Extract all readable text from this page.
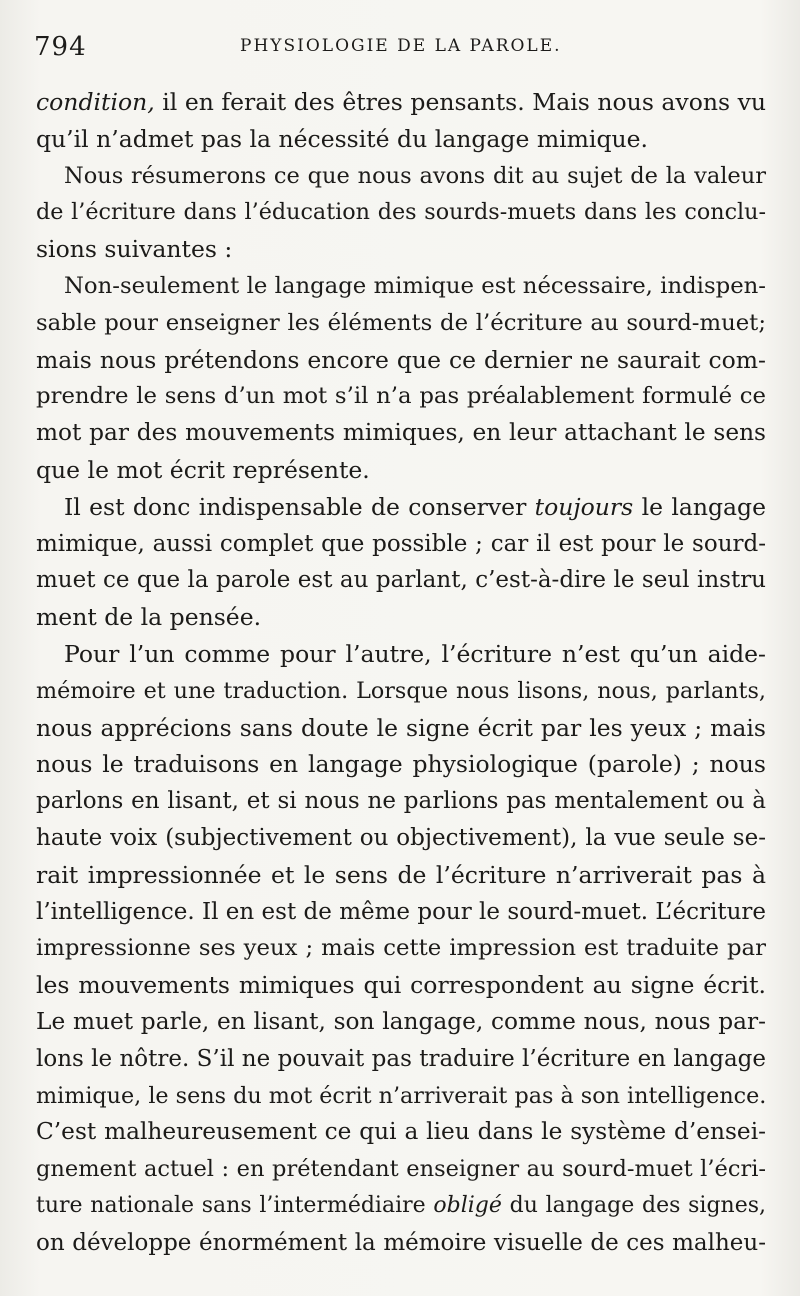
794	PHYSIOLOGIE DE LA PAROLE.
condition, il en ferait des êtres pensants. Mais nous avons vu
qu’il n’admet pas la nécessité du langage mimique.
Nous résumerons ce que nous avons dit au sujet de la valeur
de l’écriture dans l’éducation des sourds-muets dans les conclu-
sions suivantes :
Non-seulement le langage mimique est nécessaire, indispen-
sable pour enseigner les éléments de l’écriture au sourd-muet;
mais nous prétendons encore que ce dernier ne saurait com-
prendre le sens d’un mot s’il n’a pas préalablement formulé ce
mot par des mouvements mimiques, en leur attachant le sens
que le mot écrit représente.
Il est donc indispensable de conserver toujours le langage
mimique, aussi complet que possible ; car il est pour le sourd-
muet ce que la parole est au parlant, c’est-à-dire le seul instru
ment de la pensée.
Pour l’un comme pour l’autre, l’écriture n’est qu’un aide-
mémoire et une traduction. Lorsque nous lisons, nous, parlants,
nous apprécions sans doute le signe écrit par les yeux ; mais
nous le traduisons en langage physiologique (parole) ; nous
parlons en lisant, et si nous ne parlions pas mentalement ou à
haute voix (subjectivement ou objectivement), la vue seule se-
rait impressionnée et le sens de l’écriture n’arriverait pas à
l’intelligence. Il en est de même pour le sourd-muet. L’écriture
impressionne ses yeux ; mais cette impression est traduite par
les mouvements mimiques qui correspondent au signe écrit.
Le muet parle, en lisant, son langage, comme nous, nous par-
lons le nôtre. S’il ne pouvait pas traduire l’écriture en langage
mimique, le sens du mot écrit n’arriverait pas à son intelligence.
C’est malheureusement ce qui a lieu dans le système d’ensei-
gnement actuel : en prétendant enseigner au sourd-muet l’écri-
ture nationale sans l’intermédiaire obligé du langage des signes,
on développe énormément la mémoire visuelle de ces malheu-
